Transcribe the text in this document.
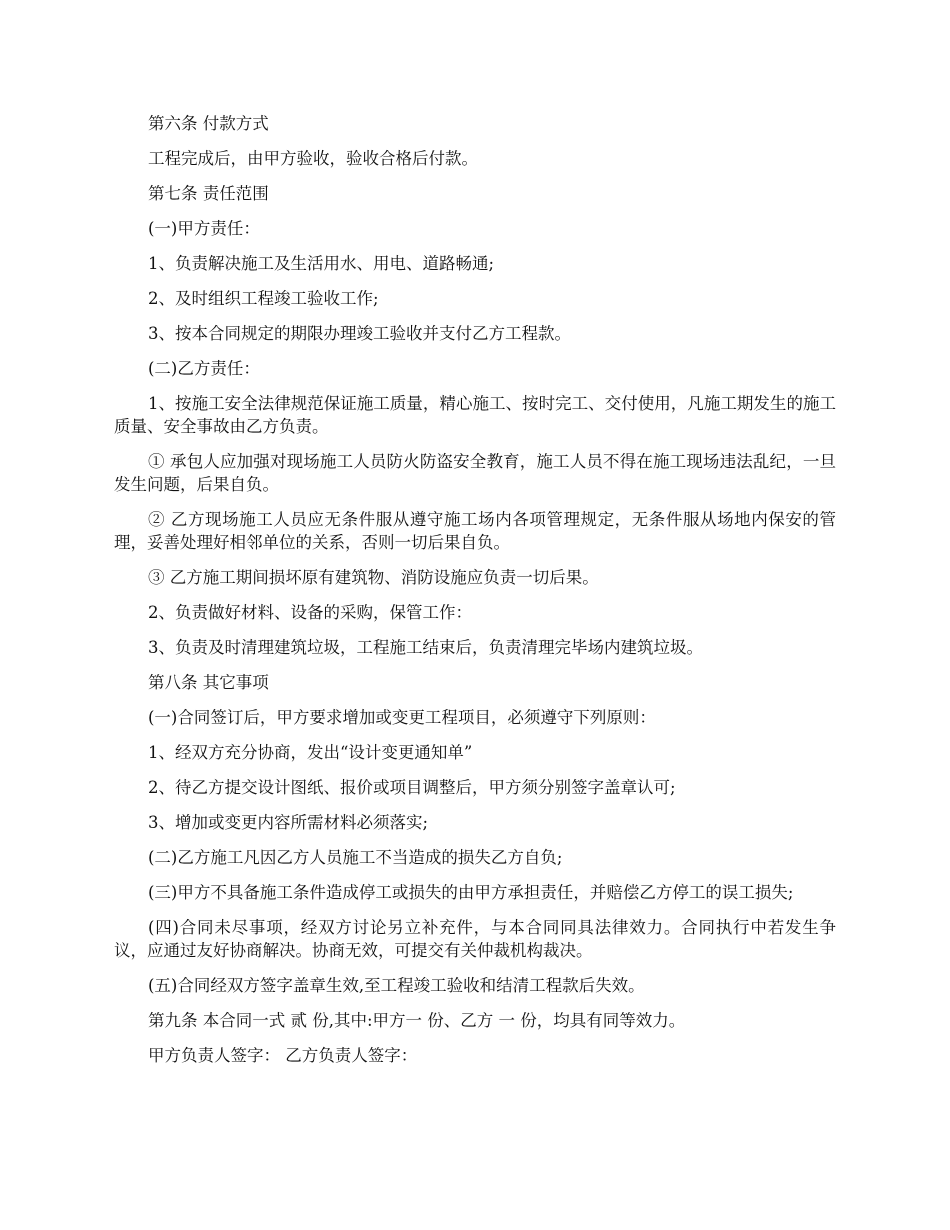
第六条 付款方式

工程完成后，由甲方验收，验收合格后付款。

第七条 责任范围

(一)甲方责任：

1、负责解决施工及生活用水、用电、道路畅通;

2、及时组织工程竣工验收工作;

3、按本合同规定的期限办理竣工验收并支付乙方工程款。

(二)乙方责任：

1、按施工安全法律规范保证施工质量，精心施工、按时完工、交付使用，凡施工期发生的施工质量、安全事故由乙方负责。

① 承包人应加强对现场施工人员防火防盗安全教育，施工人员不得在施工现场违法乱纪，一旦发生问题，后果自负。

② 乙方现场施工人员应无条件服从遵守施工场内各项管理规定，无条件服从场地内保安的管理，妥善处理好相邻单位的关系，否则一切后果自负。

③ 乙方施工期间损坏原有建筑物、消防设施应负责一切后果。

2、负责做好材料、设备的采购，保管工作：

3、负责及时清理建筑垃圾，工程施工结束后，负责清理完毕场内建筑垃圾。

第八条 其它事项

(一)合同签订后，甲方要求增加或变更工程项目，必须遵守下列原则：

1、经双方充分协商，发出“设计变更通知单”

2、待乙方提交设计图纸、报价或项目调整后，甲方须分别签字盖章认可;

3、增加或变更内容所需材料必须落实;

(二)乙方施工凡因乙方人员施工不当造成的损失乙方自负;

(三)甲方不具备施工条件造成停工或损失的由甲方承担责任，并赔偿乙方停工的误工损失;

(四)合同未尽事项，经双方讨论另立补充件，与本合同同具法律效力。合同执行中若发生争议，应通过友好协商解决。协商无效，可提交有关仲裁机构裁决。

(五)合同经双方签字盖章生效,至工程竣工验收和结清工程款后失效。

第九条 本合同一式 贰 份,其中:甲方一 份、乙方 一 份，均具有同等效力。

甲方负责人签字： 乙方负责人签字：
